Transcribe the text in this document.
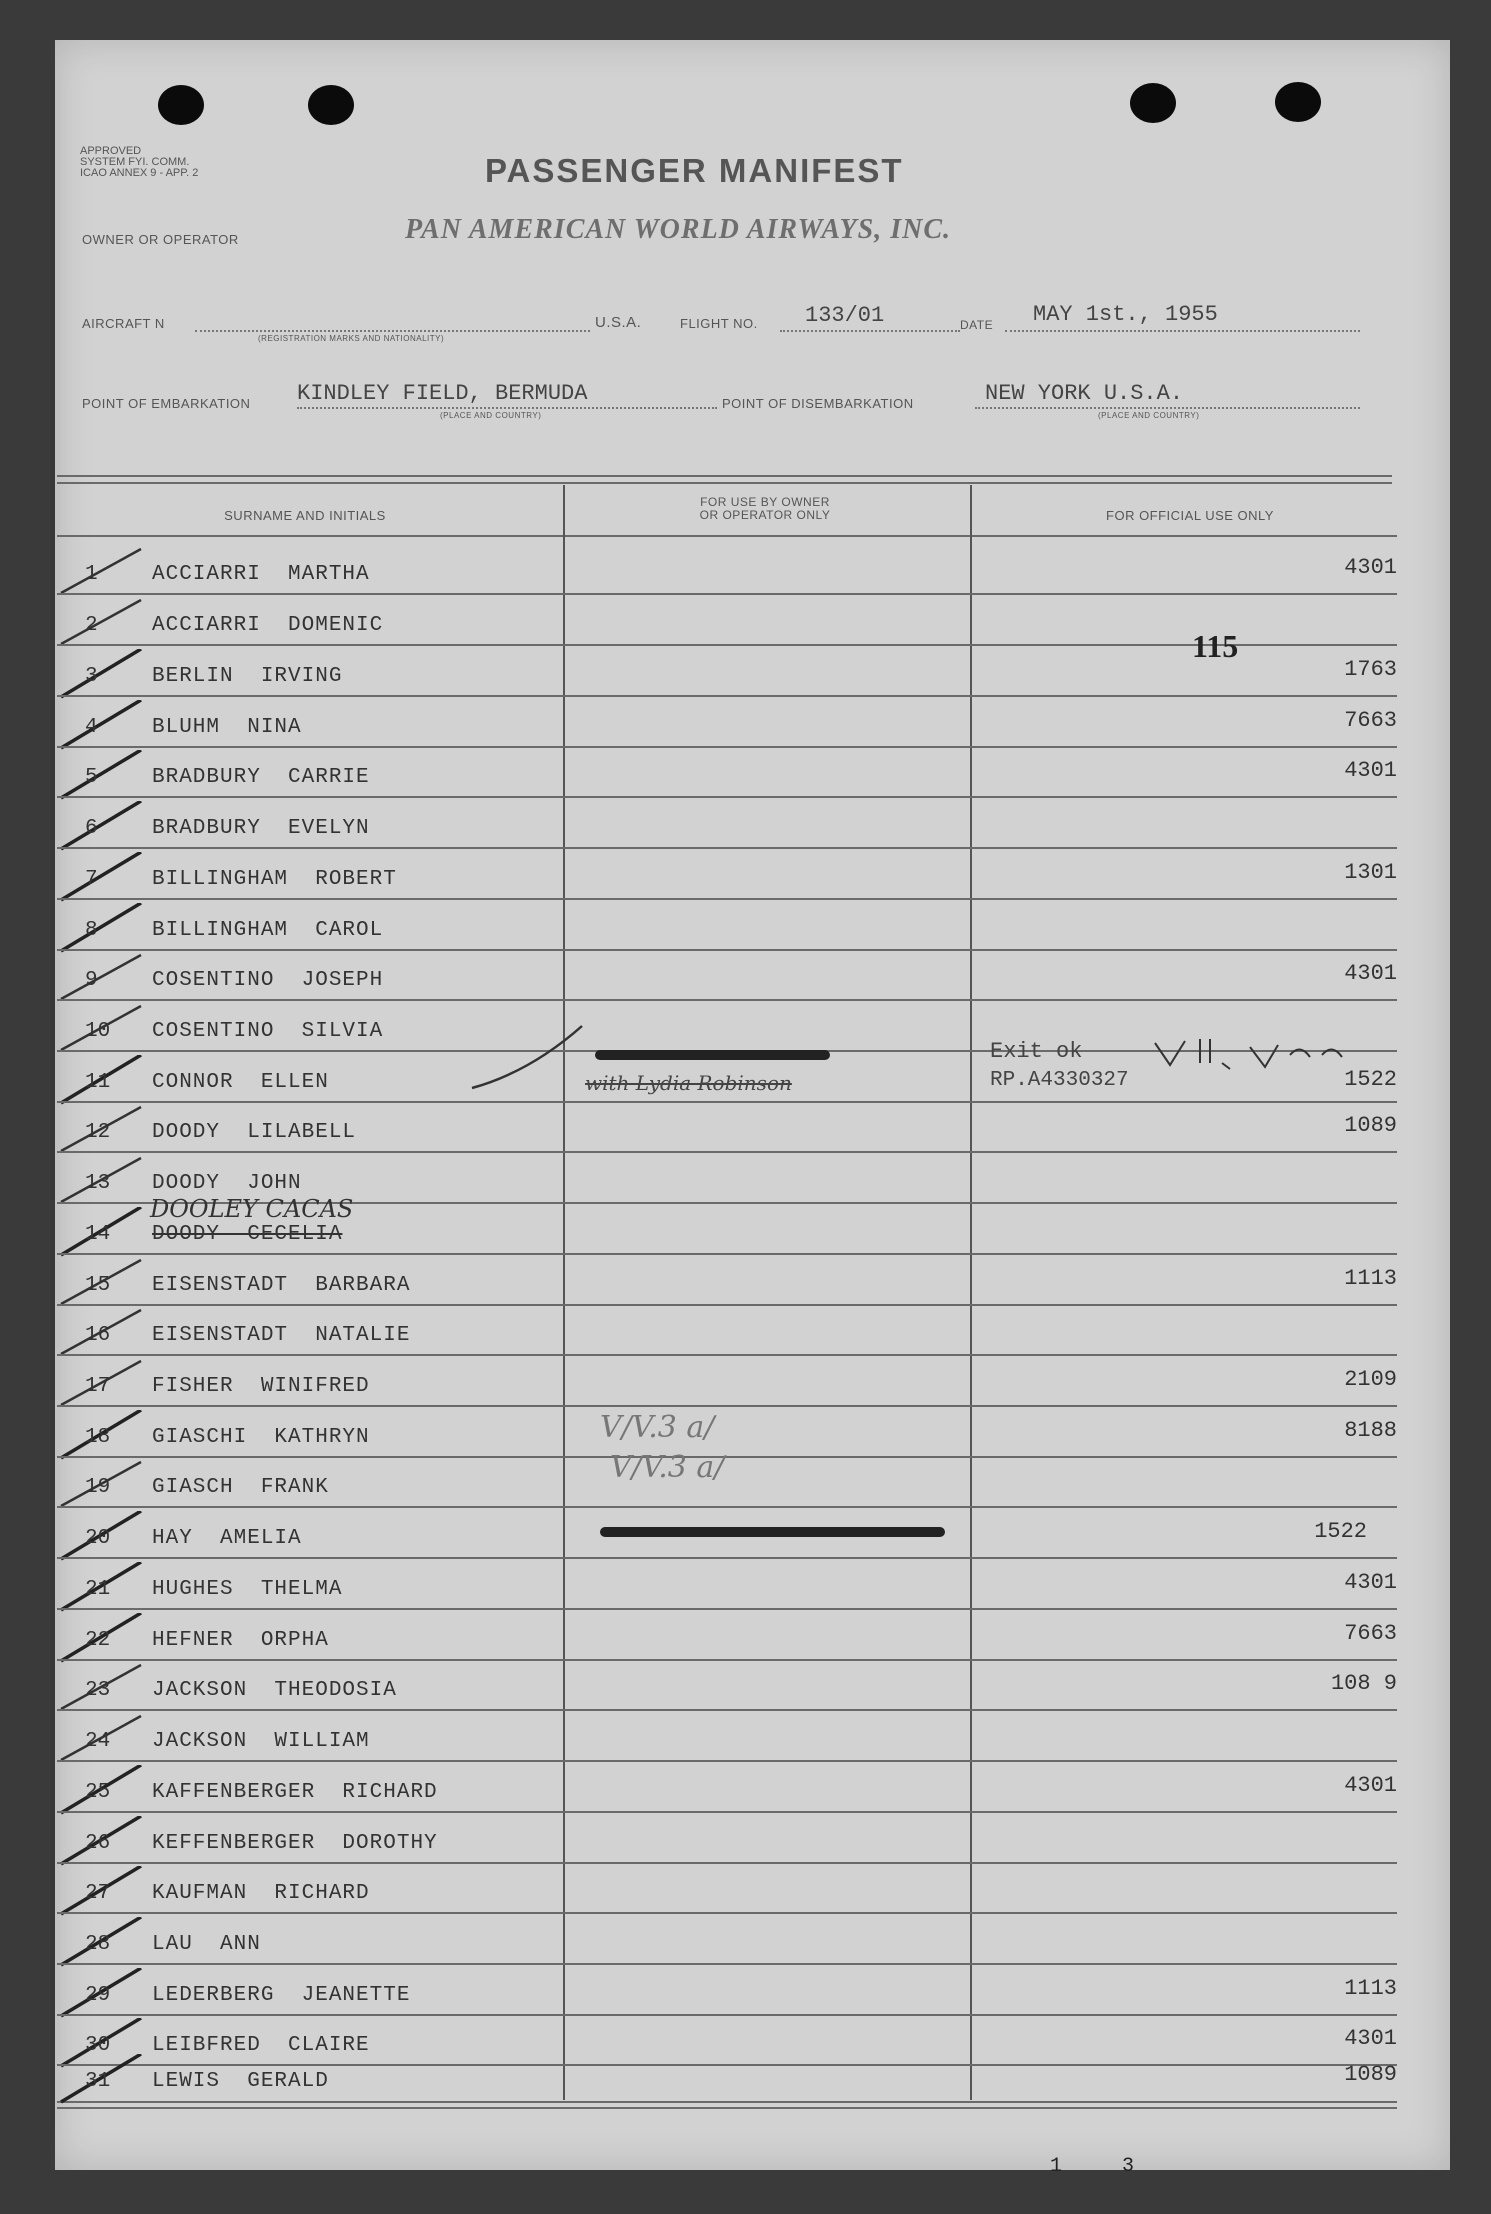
APPROVED
SYSTEM FYI. COMM.
ICAO ANNEX 9 - APP. 2	PASSENGER MANIFEST
OWNER OR OPERATOR	PAN AMERICAN WORLD AIRWAYS, INC.
AIRCRAFT N
(REGISTRATION MARKS AND NATIONALITY)
U.S.A.	FLIGHT NO. 133/01	DATE MAY 1st., 1955
POINT OF EMBARKATION KINDLEY FIELD, BERMUDA
(PLACE AND COUNTRY)
POINT OF DISEMBARKATION	NEW YORK U.S.A.
(PLACE AND COUNTRY)
SURNAME AND INITIALS
FOR USE BY OWNER
OR OPERATOR ONLY	FOR OFFICIAL USE ONLY
1	ACCIARRI  MARTHA	4301
2	ACCIARRI  DOMENIC
3	BERLIN  IRVING	1763
4	BLUHM  NINA	7663
5	BRADBURY  CARRIE	4301
6	BRADBURY  EVELYN
7	BILLINGHAM  ROBERT	1301
8	BILLINGHAM  CAROL
9	COSENTINO  JOSEPH	4301
10 COSENTINO  SILVIA
11 CONNOR  ELLEN	1522
12 DOODY  LILABELL	1089
13 DOODY  JOHN
14 DOODY  CECELIA
15 EISENSTADT  BARBARA	1113
16 EISENSTADT  NATALIE
17 FISHER  WINIFRED	2109
18 GIASCHI  KATHRYN	8188
19 GIASCH  FRANK
20 HAY  AMELIA	1522
21 HUGHES  THELMA	4301
22 HEFNER  ORPHA	7663
23 JACKSON  THEODOSIA	108 9
24 JACKSON  WILLIAM
25 KAFFENBERGER  RICHARD	4301
26 KEFFENBERGER  DOROTHY
27 KAUFMAN  RICHARD
28 LAU  ANN
29 LEDERBERG  JEANETTE	1113
30 LEIBFRED  CLAIRE	4301
31 LEWIS  GERALD	1089
115
Exit ok
RP.A4330327
with Lydia Robinson
DOOLEY CACAS
V/V.3 a/
V/V.3 a/
1     3
